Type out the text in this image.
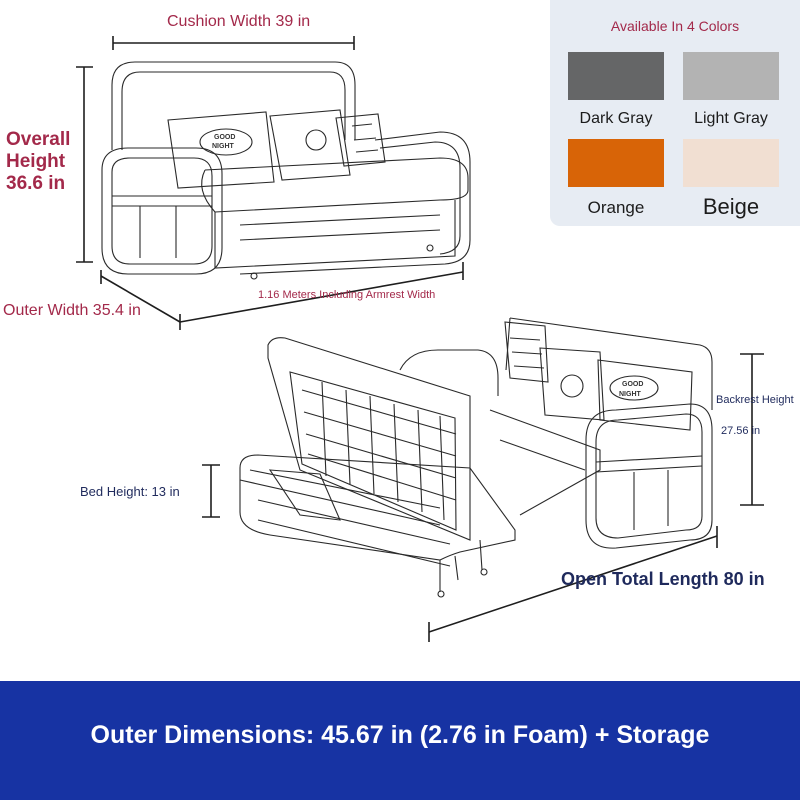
GOOD
NIGHT
GOOD
NIGHT
Cushion Width 39 in
Overall
Height
36.6 in
Outer Width 35.4 in
1.16 Meters Including Armrest Width
Backrest Height
27.56 in
Bed Height: 13 in
Open Total Length 80 in
Available In 4 Colors
Dark Gray	Light Gray
Orange	Beige
Outer Dimensions: 45.67 in (2.76 in Foam) + Storage
